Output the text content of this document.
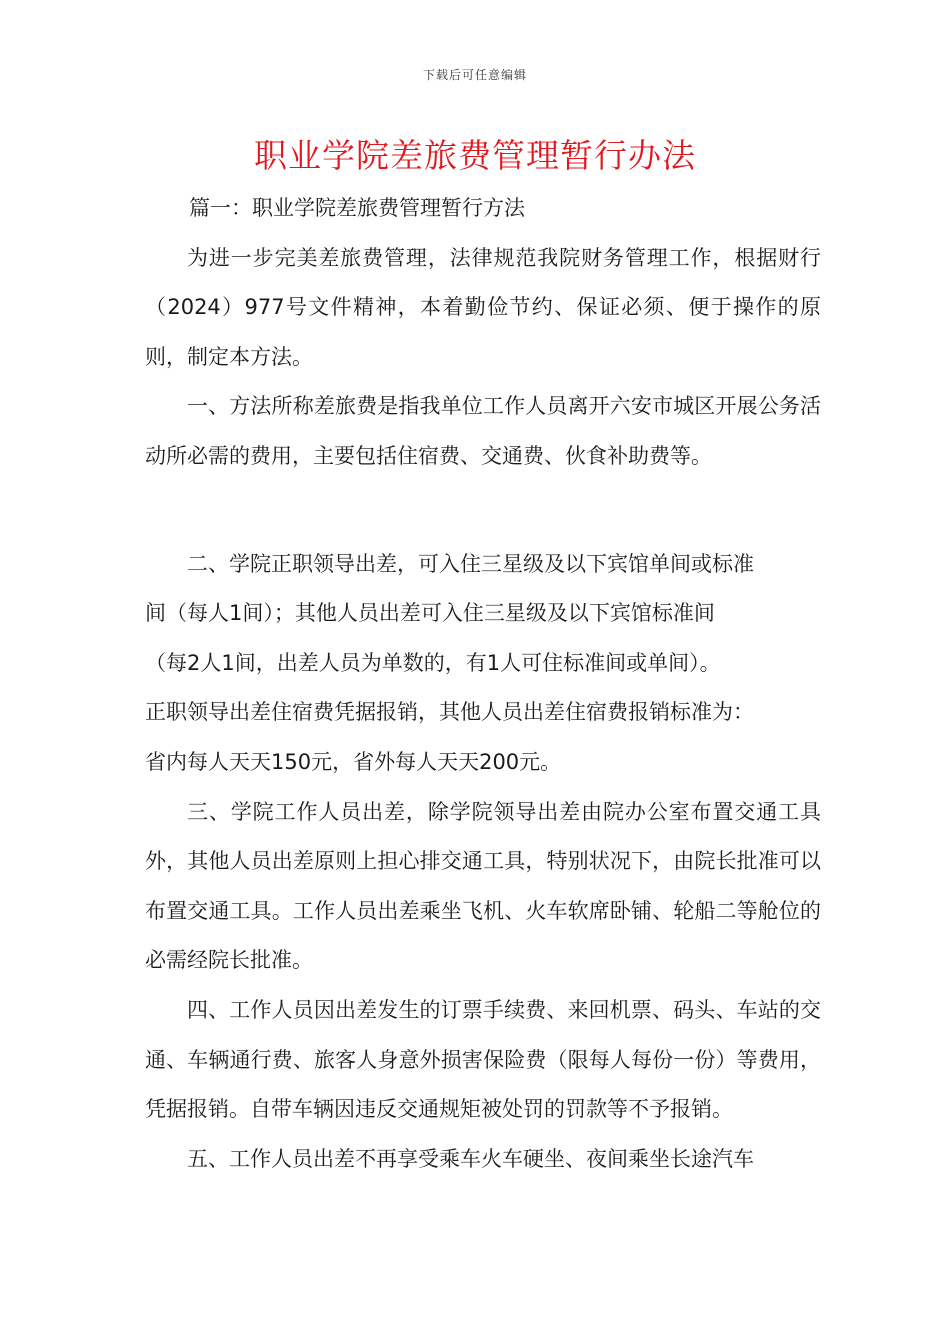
下载后可任意编辑
职业学院差旅费管理暂行办法

篇一：职业学院差旅费管理暂行方法

为进一步完美差旅费管理，法律规范我院财务管理工作，根据财行（2024）977号文件精神，本着勤俭节约、保证必须、便于操作的原则，制定本方法。

一、方法所称差旅费是指我单位工作人员离开六安市城区开展公务活动所必需的费用，主要包括住宿费、交通费、伙食补助费等。

二、学院正职领导出差，可入住三星级及以下宾馆单间或标准

间（每人1间）；其他人员出差可入住三星级及以下宾馆标准间

（每2人1间，出差人员为单数的，有1人可住标准间或单间）。

正职领导出差住宿费凭据报销，其他人员出差住宿费报销标准为：

省内每人天天150元，省外每人天天200元。

三、学院工作人员出差，除学院领导出差由院办公室布置交通工具外，其他人员出差原则上担心排交通工具，特别状况下，由院长批准可以布置交通工具。工作人员出差乘坐飞机、火车软席卧铺、轮船二等舱位的必需经院长批准。

四、工作人员因出差发生的订票手续费、来回机票、码头、车站的交通、车辆通行费、旅客人身意外损害保险费（限每人每份一份）等费用，凭据报销。自带车辆因违反交通规矩被处罚的罚款等不予报销。

五、工作人员出差不再享受乘车火车硬坐、夜间乘坐长途汽车
